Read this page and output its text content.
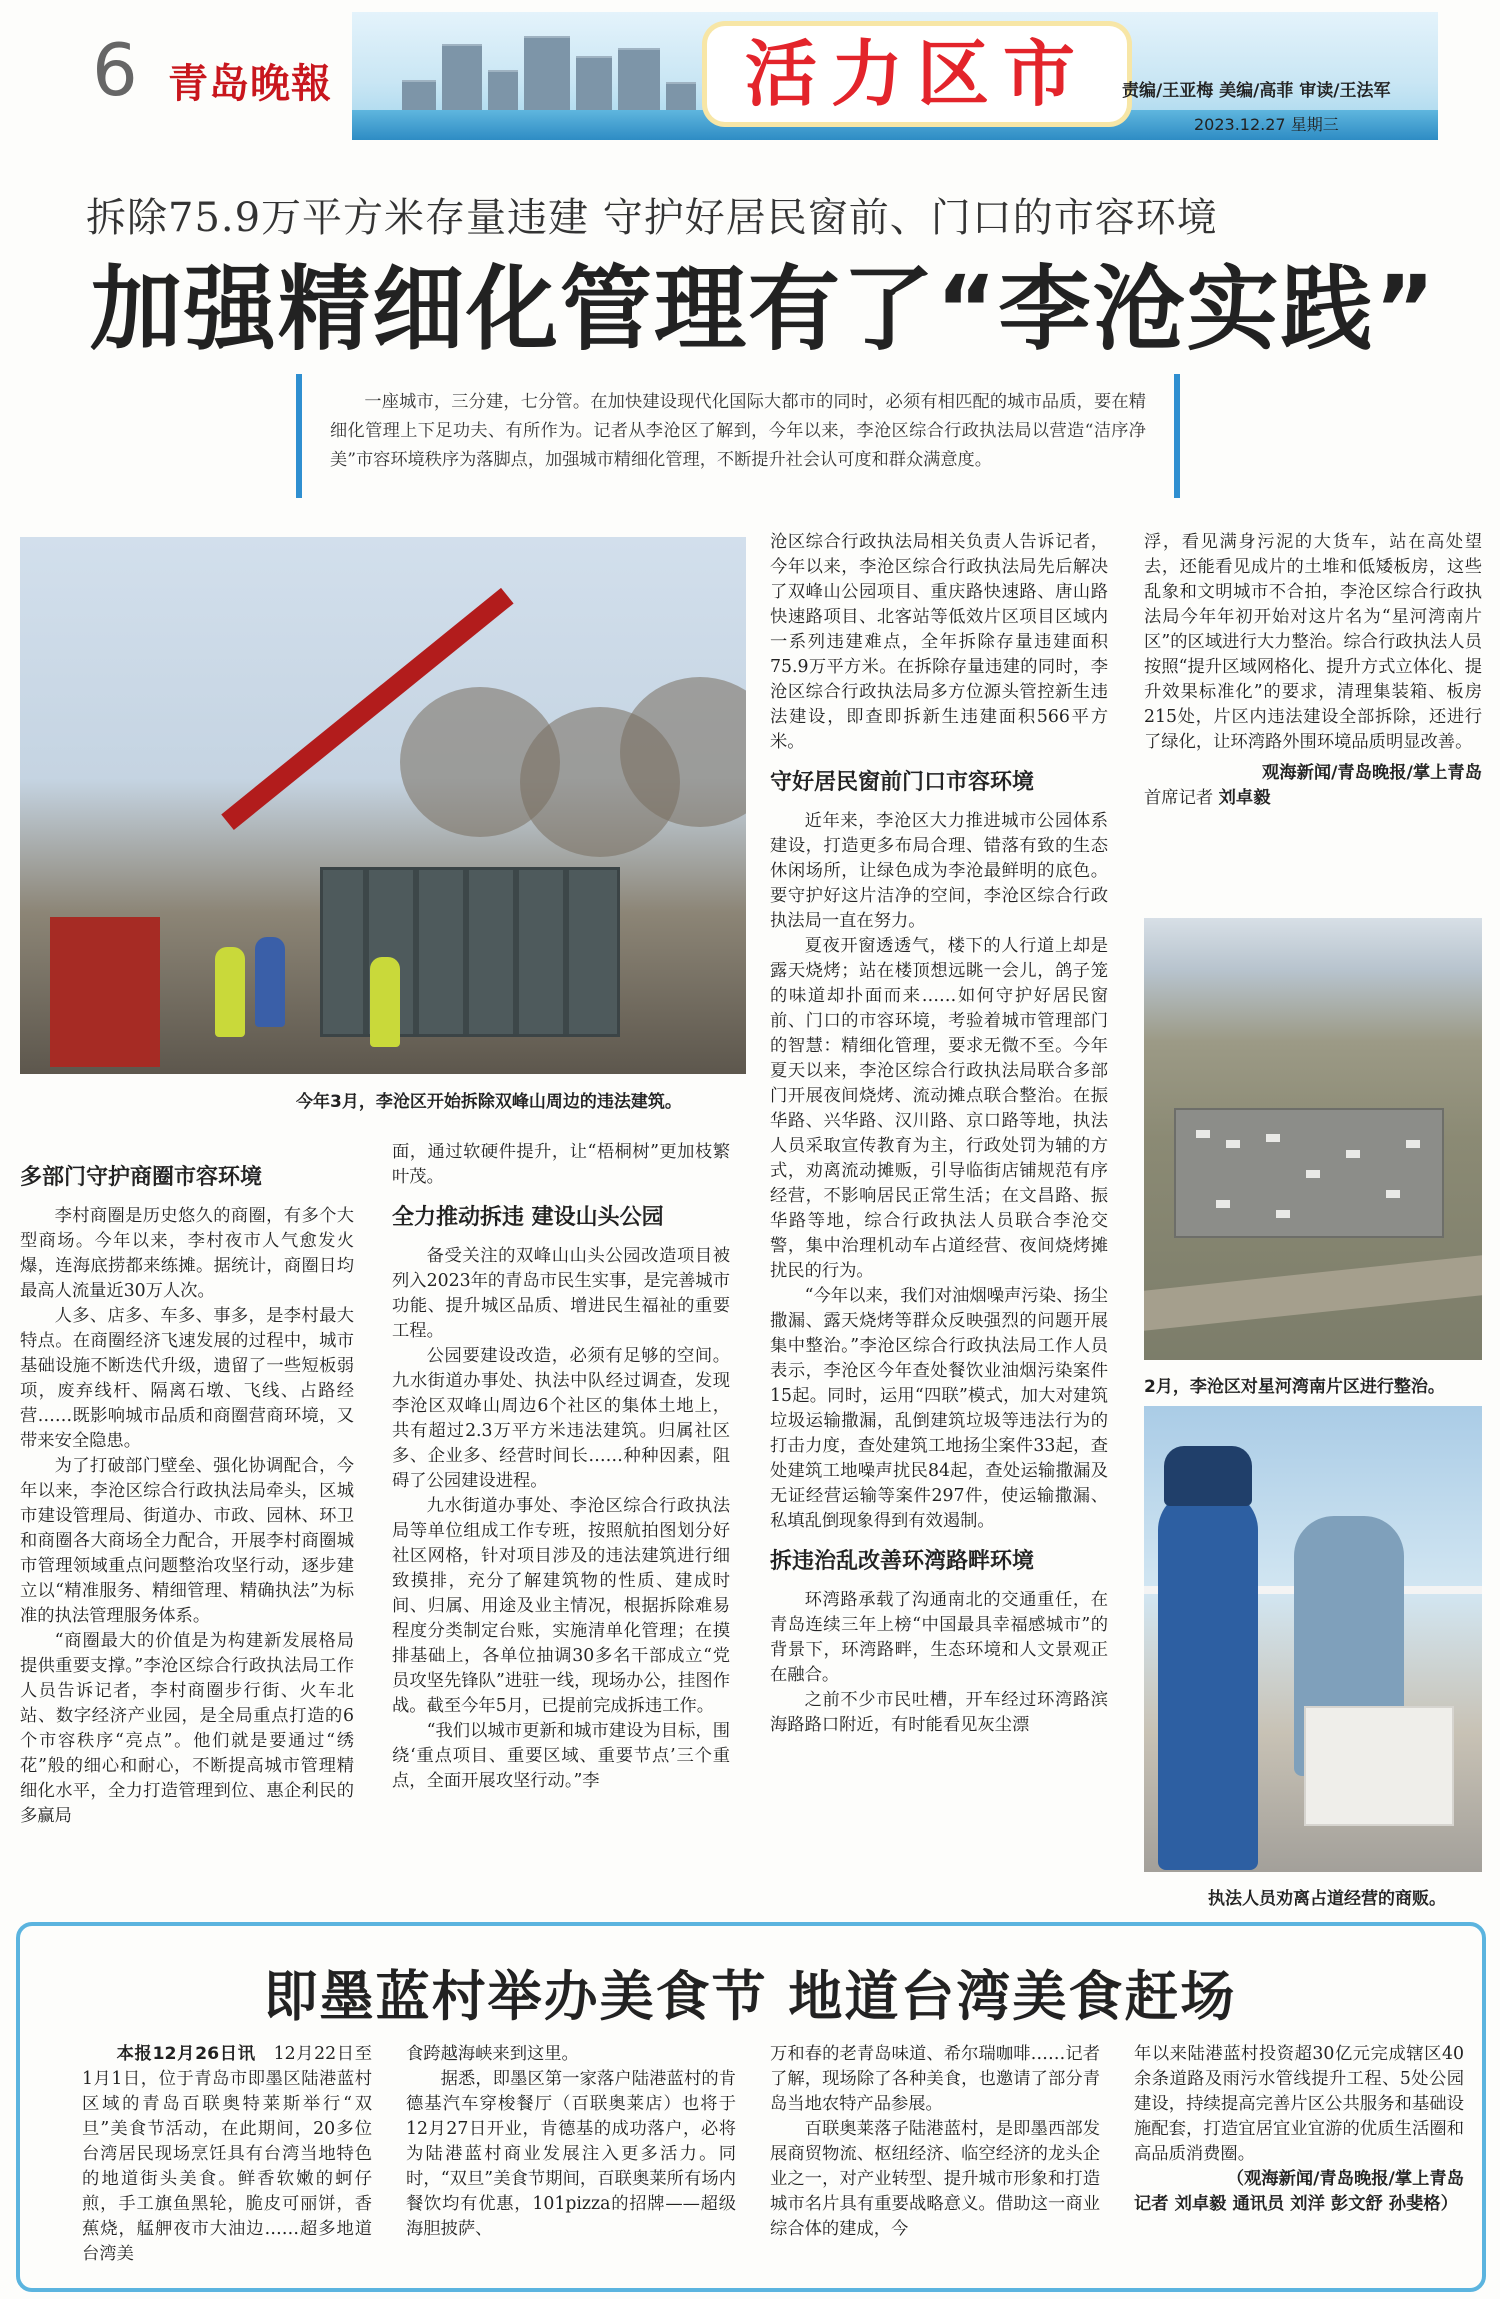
6 青岛晚報	活力区市	责编/王亚梅 美编/高菲 审读/王法军
2023.12.27 星期三
拆除75.9万平方米存量违建 守护好居民窗前、门口的市容环境
加强精细化管理有了“李沧实践”

一座城市，三分建，七分管。在加快建设现代化国际大都市的同时，必须有相匹配的城市品质，要在精细化管理上下足功夫、有所作为。记者从李沧区了解到，今年以来，李沧区综合行政执法局以营造“洁序净美”市容环境秩序为落脚点，加强城市精细化管理，不断提升社会认可度和群众满意度。

今年3月，李沧区开始拆除双峰山周边的违法建筑。
2月，李沧区对星河湾南片区进行整治。
执法人员劝离占道经营的商贩。
多部门守护商圈市容环境

李村商圈是历史悠久的商圈，有多个大型商场。今年以来，李村夜市人气愈发火爆，连海底捞都来练摊。据统计，商圈日均最高人流量近30万人次。

人多、店多、车多、事多，是李村最大特点。在商圈经济飞速发展的过程中，城市基础设施不断迭代升级，遗留了一些短板弱项，废弃线杆、隔离石墩、飞线、占路经营……既影响城市品质和商圈营商环境，又带来安全隐患。

为了打破部门壁垒、强化协调配合，今年以来，李沧区综合行政执法局牵头，区城市建设管理局、街道办、市政、园林、环卫和商圈各大商场全力配合，开展李村商圈城市管理领域重点问题整治攻坚行动，逐步建立以“精准服务、精细管理、精确执法”为标准的执法管理服务体系。

“商圈最大的价值是为构建新发展格局提供重要支撑。”李沧区综合行政执法局工作人员告诉记者，李村商圈步行街、火车北站、数字经济产业园，是全局重点打造的6个市容秩序“亮点”。他们就是要通过“绣花”般的细心和耐心，不断提高城市管理精细化水平，全力打造管理到位、惠企利民的多赢局

面，通过软硬件提升，让“梧桐树”更加枝繁叶茂。

全力推动拆违 建设山头公园

备受关注的双峰山山头公园改造项目被列入2023年的青岛市民生实事，是完善城市功能、提升城区品质、增进民生福祉的重要工程。

公园要建设改造，必须有足够的空间。九水街道办事处、执法中队经过调查，发现李沧区双峰山周边6个社区的集体土地上，共有超过2.3万平方米违法建筑。归属社区多、企业多、经营时间长……种种因素，阻碍了公园建设进程。

九水街道办事处、李沧区综合行政执法局等单位组成工作专班，按照航拍图划分好社区网格，针对项目涉及的违法建筑进行细致摸排，充分了解建筑物的性质、建成时间、归属、用途及业主情况，根据拆除难易程度分类制定台账，实施清单化管理；在摸排基础上，各单位抽调30多名干部成立“党员攻坚先锋队”进驻一线，现场办公，挂图作战。截至今年5月，已提前完成拆违工作。

“我们以城市更新和城市建设为目标，围绕‘重点项目、重要区域、重要节点’三个重点，全面开展攻坚行动。”李

沧区综合行政执法局相关负责人告诉记者，今年以来，李沧区综合行政执法局先后解决了双峰山公园项目、重庆路快速路、唐山路快速路项目、北客站等低效片区项目区域内一系列违建难点，全年拆除存量违建面积75.9万平方米。在拆除存量违建的同时，李沧区综合行政执法局多方位源头管控新生违法建设，即查即拆新生违建面积566平方米。

守好居民窗前门口市容环境

近年来，李沧区大力推进城市公园体系建设，打造更多布局合理、错落有致的生态休闲场所，让绿色成为李沧最鲜明的底色。要守护好这片洁净的空间，李沧区综合行政执法局一直在努力。

夏夜开窗透透气，楼下的人行道上却是露天烧烤；站在楼顶想远眺一会儿，鸽子笼的味道却扑面而来……如何守护好居民窗前、门口的市容环境，考验着城市管理部门的智慧：精细化管理，要求无微不至。今年夏天以来，李沧区综合行政执法局联合多部门开展夜间烧烤、流动摊点联合整治。在振华路、兴华路、汉川路、京口路等地，执法人员采取宣传教育为主，行政处罚为辅的方式，劝离流动摊贩，引导临街店铺规范有序经营，不影响居民正常生活；在文昌路、振华路等地，综合行政执法人员联合李沧交警，集中治理机动车占道经营、夜间烧烤摊扰民的行为。

“今年以来，我们对油烟噪声污染、扬尘撒漏、露天烧烤等群众反映强烈的问题开展集中整治。”李沧区综合行政执法局工作人员表示，李沧区今年查处餐饮业油烟污染案件15起。同时，运用“四联”模式，加大对建筑垃圾运输撒漏，乱倒建筑垃圾等违法行为的打击力度，查处建筑工地扬尘案件33起，查处建筑工地噪声扰民84起，查处运输撒漏及无证经营运输等案件297件，使运输撒漏、私填乱倒现象得到有效遏制。

拆违治乱改善环湾路畔环境

环湾路承载了沟通南北的交通重任，在青岛连续三年上榜“中国最具幸福感城市”的背景下，环湾路畔，生态环境和人文景观正在融合。

之前不少市民吐槽，开车经过环湾路滨海路路口附近，有时能看见灰尘漂

浮，看见满身污泥的大货车，站在高处望去，还能看见成片的土堆和低矮板房，这些乱象和文明城市不合拍，李沧区综合行政执法局今年年初开始对这片名为“星河湾南片区”的区域进行大力整治。综合行政执法人员按照“提升区域网格化、提升方式立体化、提升效果标准化”的要求，清理集装箱、板房215处，片区内违法建设全部拆除，还进行了绿化，让环湾路外围环境品质明显改善。

观海新闻/青岛晚报/掌上青岛

首席记者 刘卓毅

即墨蓝村举办美食节 地道台湾美食赶场

本报12月26日讯　 12月22日至1月1日，位于青岛市即墨区陆港蓝村区域的青岛百联奥特莱斯举行“双旦”美食节活动，在此期间，20多位台湾居民现场烹饪具有台湾当地特色的地道街头美食。鲜香软嫩的蚵仔煎，手工旗鱼黑轮，脆皮可丽饼，香蕉烧，艋舺夜市大油边……超多地道台湾美

食跨越海峡来到这里。

据悉，即墨区第一家落户陆港蓝村的肯德基汽车穿梭餐厅（百联奥莱店）也将于12月27日开业，肯德基的成功落户，必将为陆港蓝村商业发展注入更多活力。同时，“双旦”美食节期间，百联奥莱所有场内餐饮均有优惠，101pizza的招牌——超级海胆披萨、

万和春的老青岛味道、希尔瑞咖啡……记者了解，现场除了各种美食，也邀请了部分青岛当地农特产品参展。

百联奥莱落子陆港蓝村，是即墨西部发展商贸物流、枢纽经济、临空经济的龙头企业之一，对产业转型、提升城市形象和打造城市名片具有重要战略意义。借助这一商业综合体的建成，今

年以来陆港蓝村投资超30亿元完成辖区40余条道路及雨污水管线提升工程、5处公园建设，持续提高完善片区公共服务和基础设施配套，打造宜居宜业宜游的优质生活圈和高品质消费圈。

（观海新闻/青岛晚报/掌上青岛

记者 刘卓毅 通讯员 刘洋 彭文舒 孙斐格）
